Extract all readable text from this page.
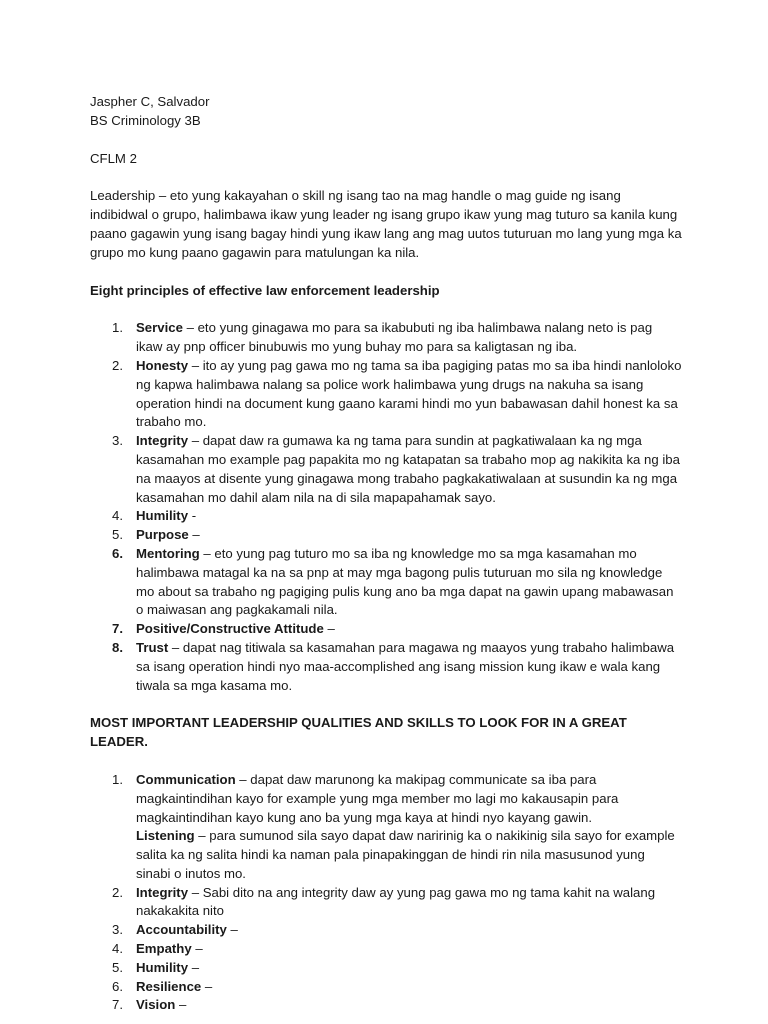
Jaspher C, Salvador

BS Criminology 3B

CFLM 2

Leadership – eto yung kakayahan o skill ng isang tao na mag handle o mag guide ng isang indibidwal o grupo, halimbawa ikaw yung leader ng isang grupo ikaw yung mag tuturo sa kanila kung paano gagawin yung isang bagay hindi yung ikaw lang ang mag uutos tuturuan mo lang yung mga ka grupo mo kung paano gagawin para matulungan ka nila.

Eight principles of effective law enforcement leadership

1. Service – eto yung ginagawa mo para sa ikabubuti ng iba halimbawa nalang neto is pag ikaw ay pnp officer binubuwis mo yung buhay mo para sa kaligtasan ng iba.
2. Honesty – ito ay yung pag gawa mo ng tama sa iba pagiging patas mo sa iba hindi nanloloko ng kapwa halimbawa nalang sa police work halimbawa yung drugs na nakuha sa isang operation hindi na document kung gaano karami hindi mo yun babawasan dahil honest ka sa trabaho mo.
3. Integrity – dapat daw ra gumawa ka ng tama para sundin at pagkatiwalaan ka ng mga kasamahan mo example pag papakita mo ng katapatan sa trabaho mop ag nakikita ka ng iba na maayos at disente yung ginagawa mong trabaho pagkakatiwalaan at susundin ka ng mga kasamahan mo dahil alam nila na di sila mapapahamak sayo.
4. Humility -
5. Purpose –
6. Mentoring – eto yung pag tuturo mo sa iba ng knowledge mo sa mga kasamahan mo halimbawa matagal ka na sa pnp at may mga bagong pulis tuturuan mo sila ng knowledge mo about sa trabaho ng pagiging pulis kung ano ba mga dapat na gawin upang mabawasan o maiwasan ang pagkakamali nila.
7. Positive/Constructive Attitude –
8. Trust – dapat nag titiwala sa kasamahan para magawa ng maayos yung trabaho halimbawa sa isang operation hindi nyo maa-accomplished ang isang mission kung ikaw e wala kang tiwala sa mga kasama mo.

MOST IMPORTANT LEADERSHIP QUALITIES AND SKILLS TO LOOK FOR IN A GREAT LEADER.

1. Communication – dapat daw marunong ka makipag communicate sa iba para magkaintindihan kayo for example yung mga member mo lagi mo kakausapin para magkaintindihan kayo kung ano ba yung mga kaya at hindi nyo kayang gawin.
Listening – para sumunod sila sayo dapat daw naririnig ka o nakikinig sila sayo for example salita ka ng salita hindi ka naman pala pinapakinggan de hindi rin nila masusunod yung sinabi o inutos mo.
2. Integrity – Sabi dito na ang integrity daw ay yung pag gawa mo ng tama kahit na walang nakakakita nito
3. Accountability –
4. Empathy –
5. Humility –
6. Resilience –
7. Vision –
